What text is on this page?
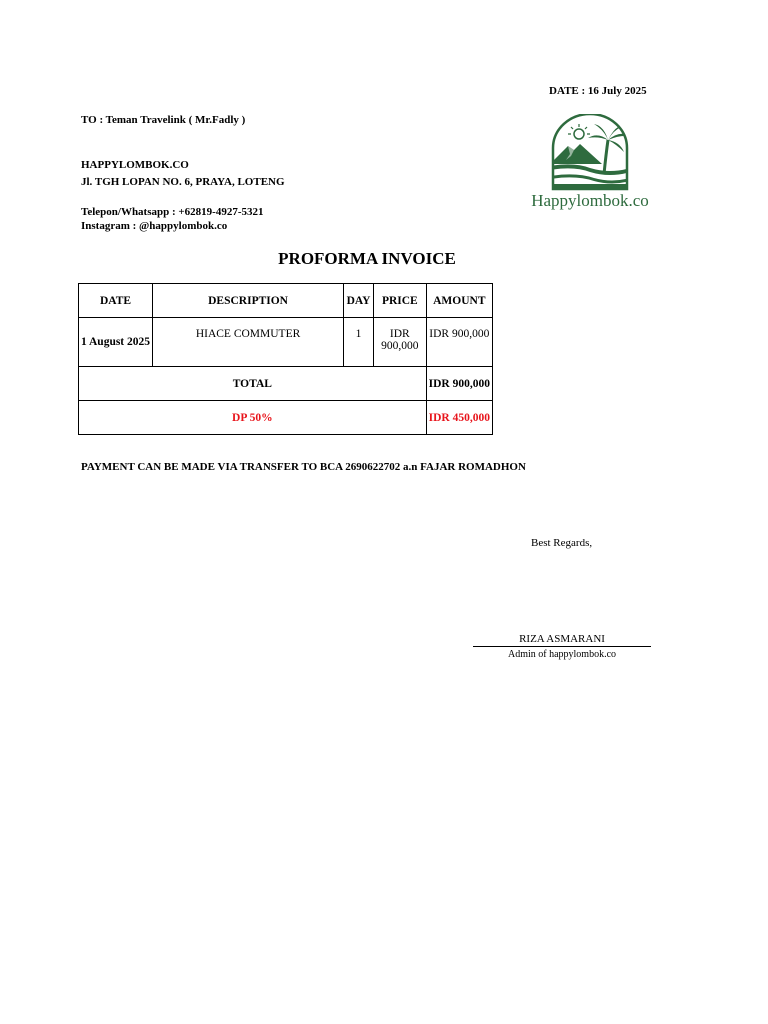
DATE : 16 July 2025
TO : Teman Travelink ( Mr.Fadly )
HAPPYLOMBOK.CO
Jl. TGH LOPAN NO. 6, PRAYA, LOTENG
Telepon/Whatsapp : +62819-4927-5321
Instagram : @happylombok.co
Happylombok.co
PROFORMA INVOICE
DATE	DESCRIPTION	DAY	PRICE	AMOUNT
1 August 2025	HIACE COMMUTER	1	IDR 900,000	IDR 900,000
TOTAL				IDR 900,000
DP 50%				IDR 450,000
PAYMENT CAN BE MADE VIA TRANSFER TO BCA 2690622702 a.n FAJAR ROMADHON
Best Regards,
RIZA ASMARANI
Admin of happylombok.co
